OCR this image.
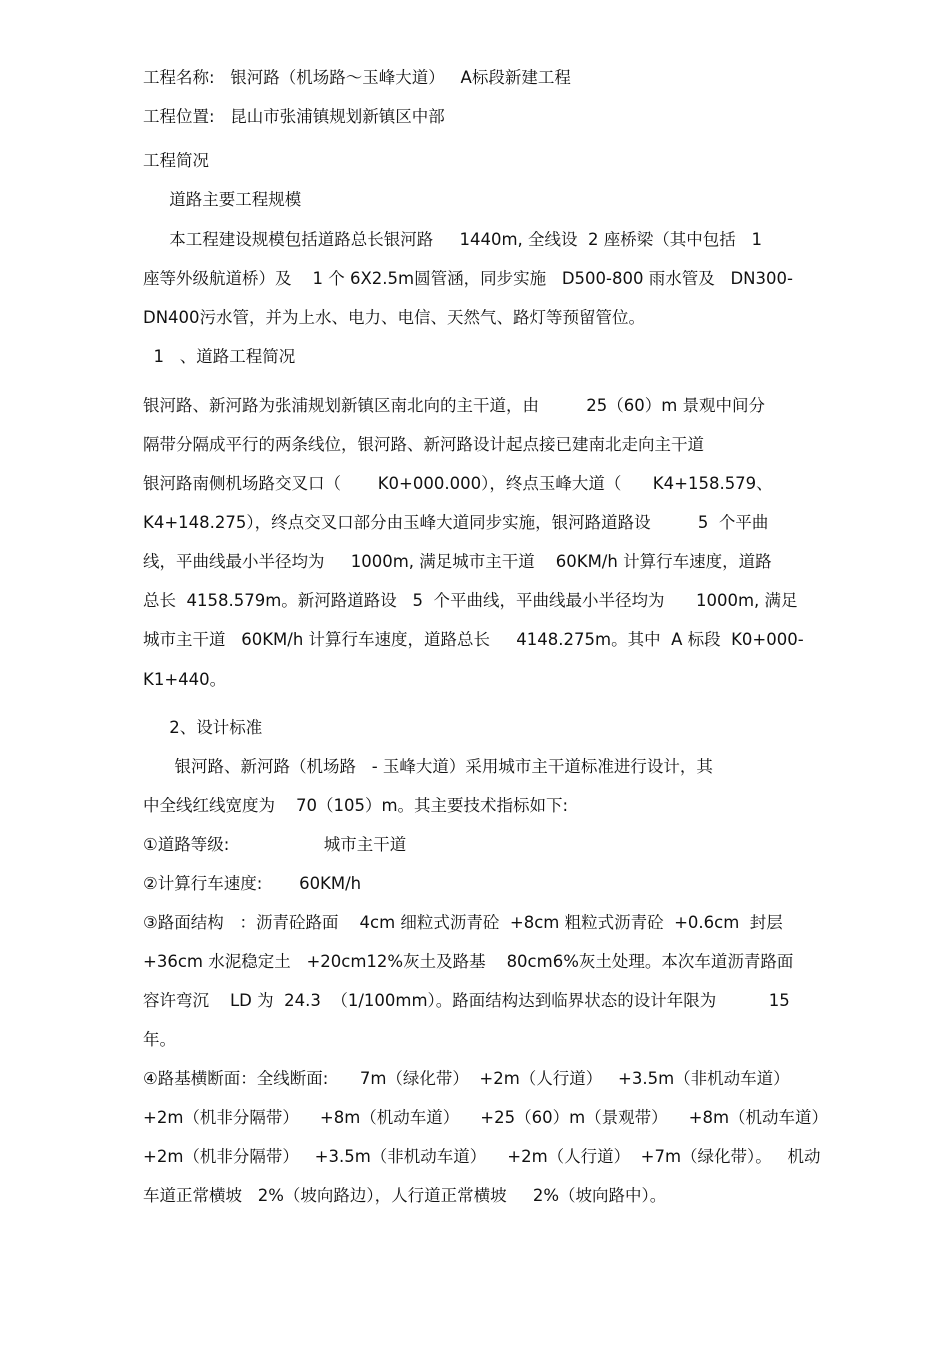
工程名称:   银河路（机场路～玉峰大道）   A标段新建工程
工程位置:   昆山市张浦镇规划新镇区中部
工程简况
道路主要工程规模
本工程建设规模包括道路总长银河路     1440m, 全线设  2 座桥梁（其中包括   1
座等外级航道桥）及    1 个 6X2.5m圆管涵，同步实施   D500-800 雨水管及   DN300-
DN400污水管，并为上水、电力、电信、天然气、路灯等预留管位。
1   、道路工程简况
银河路、新河路为张浦规划新镇区南北向的主干道，由         25（60）m 景观中间分
隔带分隔成平行的两条线位，银河路、新河路设计起点接已建南北走向主干道
银河路南侧机场路交叉口（       K0+000.000），终点玉峰大道（      K4+158.579、
K4+148.275），终点交叉口部分由玉峰大道同步实施，银河路道路设         5  个平曲
线，平曲线最小半径均为     1000m, 满足城市主干道    60KM/h 计算行车速度，道路
总长  4158.579m。新河路道路设   5  个平曲线，平曲线最小半径均为      1000m, 满足
城市主干道   60KM/h 计算行车速度，道路总长     4148.275m。其中  A 标段  K0+000-
K1+440。
2、设计标准
银河路、新河路（机场路   - 玉峰大道）采用城市主干道标准进行设计，其
中全线红线宽度为    70（105）m。其主要技术指标如下:
①道路等级:                  城市主干道
②计算行车速度:       60KM/h
③路面结构   ：沥青砼路面    4cm 细粒式沥青砼  +8cm 粗粒式沥青砼  +0.6cm  封层
+36cm 水泥稳定土   +20cm12%灰土及路基    80cm6%灰土处理。本次车道沥青路面
容许弯沉    LD 为  24.3  （1/100mm）。路面结构达到临界状态的设计年限为          15
年。
④路基横断面：全线断面:      7m（绿化带）  +2m（人行道）   +3.5m（非机动车道）
+2m（机非分隔带）    +8m（机动车道）    +25（60）m（景观带）    +8m（机动车道）
+2m（机非分隔带）   +3.5m（非机动车道）    +2m（人行道）  +7m（绿化带）。   机动
车道正常横坡   2%（坡向路边），人行道正常横坡     2%（坡向路中）。
